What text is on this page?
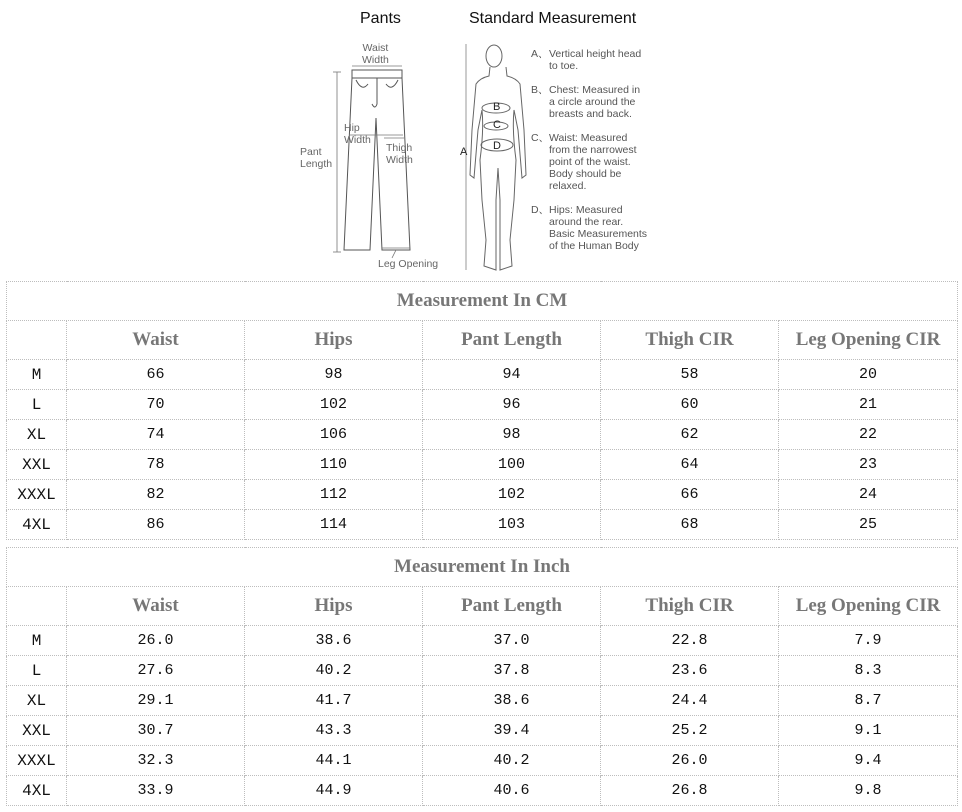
Pants	Standard Measurement
Waist
Width
Hip
Width
Pant
Length
Thigh
Width
Leg Opening
A
B
C
D
A、 Vertical height head
to toe.
B、 Chest: Measured in
a circle around the
breasts and back.
C、 Waist: Measured
from the narrowest
point of the waist.
Body should be
relaxed.
D、 Hips: Measured
around the rear.
Basic Measurements
of the Human Body
Measurement In CM					
	Waist	Hips	Pant Length	Thigh CIR	Leg Opening CIR
M	66	98	94	58	20
L	70	102	96	60	21
XL	74	106	98	62	22
XXL	78	110	100	64	23
XXXL	82	112	102	66	24
4XL	86	114	103	68	25
Measurement In Inch					
	Waist	Hips	Pant Length	Thigh CIR	Leg Opening CIR
M	26.0	38.6	37.0	22.8	7.9
L	27.6	40.2	37.8	23.6	8.3
XL	29.1	41.7	38.6	24.4	8.7
XXL	30.7	43.3	39.4	25.2	9.1
XXXL	32.3	44.1	40.2	26.0	9.4
4XL	33.9	44.9	40.6	26.8	9.8
